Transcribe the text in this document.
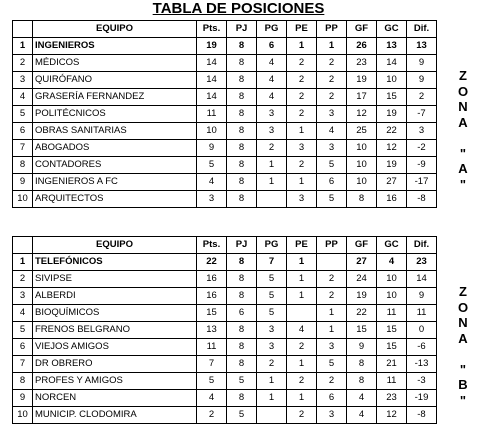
TABLA DE POSICIONES
	EQUIPO	Pts.	PJ	PG	PE	PP	GF	GC	Dif.
1	INGENIEROS	19	8	6	1	1	26	13	13
2	MÉDICOS	14	8	4	2	2	23	14	9
3	QUIRÓFANO	14	8	4	2	2	19	10	9
4	GRASERÍA FERNANDEZ	14	8	4	2	2	17	15	2
5	POLITÉCNICOS	11	8	3	2	3	12	19	-7
6	OBRAS SANITARIAS	10	8	3	1	4	25	22	3
7	ABOGADOS	9	8	2	3	3	10	12	-2
8	CONTADORES	5	8	1	2	5	10	19	-9
9	INGENIEROS A FC	4	8	1	1	6	10	27	-17
10	ARQUITECTOS	3	8		3	5	8	16	-8
Z
O
N
A

"
A
"
	EQUIPO	Pts.	PJ	PG	PE	PP	GF	GC	Dif.
1	TELEFÓNICOS	22	8	7	1		27	4	23
2	SIVIPSE	16	8	5	1	2	24	10	14
3	ALBERDI	16	8	5	1	2	19	10	9
4	BIOQUÍMICOS	15	6	5		1	22	11	11
5	FRENOS BELGRANO	13	8	3	4	1	15	15	0
6	VIEJOS AMIGOS	11	8	3	2	3	9	15	-6
7	DR OBRERO	7	8	2	1	5	8	21	-13
8	PROFES Y AMIGOS	5	5	1	2	2	8	11	-3
9	NORCEN	4	8	1	1	6	4	23	-19
10	MUNICIP. CLODOMIRA	2	5		2	3	4	12	-8
Z
O
N
A

"
B
"
